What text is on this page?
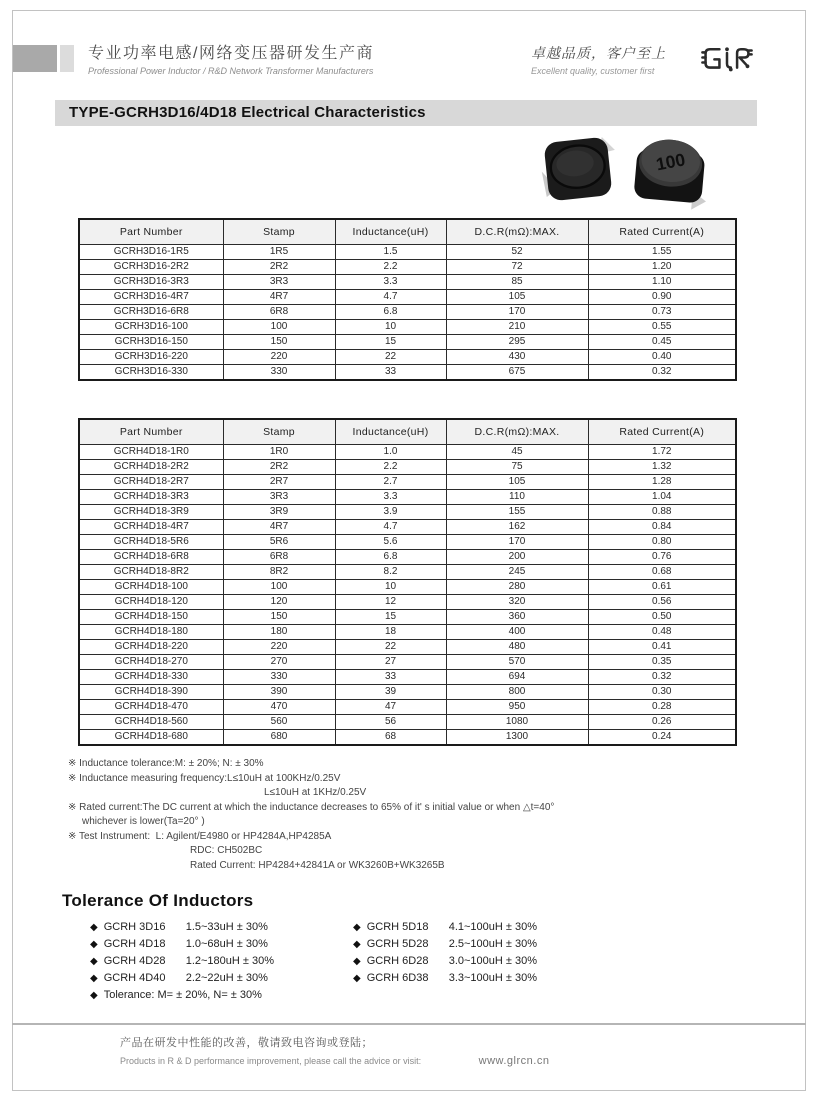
专业功率电感/网络变压器研发生产商
Professional Power Inductor / R&D Network Transformer Manufacturers
卓越品质，客户至上
Excellent quality, customer first
TYPE-GCRH3D16/4D18 Electrical Characteristics
100
Part Number	Stamp	Inductance(uH)	D.C.R(mΩ):MAX.	Rated Current(A)
GCRH3D16-1R5	1R5	1.5	52	1.55
GCRH3D16-2R2	2R2	2.2	72	1.20
GCRH3D16-3R3	3R3	3.3	85	1.10
GCRH3D16-4R7	4R7	4.7	105	0.90
GCRH3D16-6R8	6R8	6.8	170	0.73
GCRH3D16-100	100	10	210	0.55
GCRH3D16-150	150	15	295	0.45
GCRH3D16-220	220	22	430	0.40
GCRH3D16-330	330	33	675	0.32
Part Number	Stamp	Inductance(uH)	D.C.R(mΩ):MAX.	Rated Current(A)
GCRH4D18-1R0	1R0	1.0	45	1.72
GCRH4D18-2R2	2R2	2.2	75	1.32
GCRH4D18-2R7	2R7	2.7	105	1.28
GCRH4D18-3R3	3R3	3.3	110	1.04
GCRH4D18-3R9	3R9	3.9	155	0.88
GCRH4D18-4R7	4R7	4.7	162	0.84
GCRH4D18-5R6	5R6	5.6	170	0.80
GCRH4D18-6R8	6R8	6.8	200	0.76
GCRH4D18-8R2	8R2	8.2	245	0.68
GCRH4D18-100	100	10	280	0.61
GCRH4D18-120	120	12	320	0.56
GCRH4D18-150	150	15	360	0.50
GCRH4D18-180	180	18	400	0.48
GCRH4D18-220	220	22	480	0.41
GCRH4D18-270	270	27	570	0.35
GCRH4D18-330	330	33	694	0.32
GCRH4D18-390	390	39	800	0.30
GCRH4D18-470	470	47	950	0.28
GCRH4D18-560	560	56	1080	0.26
GCRH4D18-680	680	68	1300	0.24
※ Inductance tolerance:M: ± 20%; N: ± 30%
※ Inductance measuring frequency:L≤10uH at 100KHz/0.25V
L≤10uH at 1KHz/0.25V
※ Rated current:The DC current at which the inductance decreases to 65% of it' s initial value or when △t=40°
whichever is lower(Ta=20° )
※ Test Instrument:  L: Agilent/E4980 or HP4284A,HP4285A
RDC: CH502BC
Rated Current: HP4284+42841A or WK3260B+WK3265B
Tolerance Of Inductors
◆ GCRH 3D16 1.5~33uH ± 30%
◆ GCRH 4D18 1.0~68uH ± 30%
◆ GCRH 4D28 1.2~180uH ± 30%
◆ GCRH 4D40 2.2~22uH ± 30%
◆ Tolerance: M= ± 20%, N= ± 30%
◆ GCRH 5D18 4.1~100uH ± 30%
◆ GCRH 5D28 2.5~100uH ± 30%
◆ GCRH 6D28 3.0~100uH ± 30%
◆ GCRH 6D38 3.3~100uH ± 30%
产品在研发中性能的改善，敬请致电咨询或登陆；
Products in R & D performance improvement, please call the advice or visit:	www.glrcn.cn
